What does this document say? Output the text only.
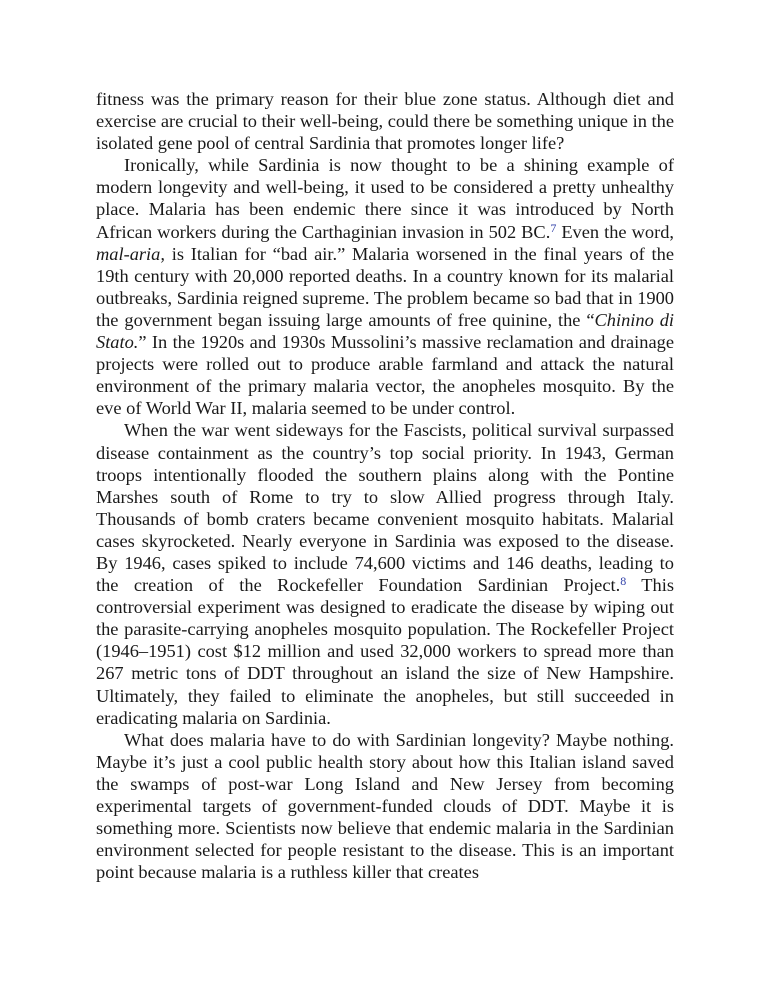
fitness was the primary reason for their blue zone status. Although diet and exercise are crucial to their well-being, could there be something unique in the isolated gene pool of central Sardinia that promotes longer life?

Ironically, while Sardinia is now thought to be a shining example of modern longevity and well-being, it used to be considered a pretty unhealthy place. Malaria has been endemic there since it was introduced by North African workers during the Carthaginian invasion in 502 BC.$^7$ Even the word, mal-aria, is Italian for “bad air.” Malaria worsened in the final years of the 19th century with 20,000 reported deaths. In a country known for its malarial outbreaks, Sardinia reigned supreme. The problem became so bad that in 1900 the government began issuing large amounts of free quinine, the “Chinino di Stato.” In the 1920s and 1930s Mussolini’s massive reclamation and drainage projects were rolled out to produce arable farmland and attack the natural environment of the primary malaria vector, the anopheles mosquito. By the eve of World War II, malaria seemed to be under control.

When the war went sideways for the Fascists, political survival surpassed disease containment as the country’s top social priority. In 1943, German troops intentionally flooded the southern plains along with the Pontine Marshes south of Rome to try to slow Allied progress through Italy. Thousands of bomb craters became convenient mosquito habitats. Malarial cases skyrocketed. Nearly everyone in Sardinia was exposed to the disease. By 1946, cases spiked to include 74,600 victims and 146 deaths, leading to the creation of the Rockefeller Foundation Sardinian Project.$^8$ This controversial experiment was designed to eradicate the disease by wiping out the parasite-carrying anopheles mosquito population. The Rockefeller Project (1946–1951) cost $12 million and used 32,000 workers to spread more than 267 metric tons of DDT throughout an island the size of New Hampshire. Ultimately, they failed to eliminate the anopheles, but still succeeded in eradicating malaria on Sardinia.

What does malaria have to do with Sardinian longevity? Maybe nothing. Maybe it’s just a cool public health story about how this Italian island saved the swamps of post-war Long Island and New Jersey from becoming experimental targets of government-funded clouds of DDT. Maybe it is something more. Scientists now believe that endemic malaria in the Sardinian environment selected for people resistant to the disease. This is an important point because malaria is a ruthless killer that creates
